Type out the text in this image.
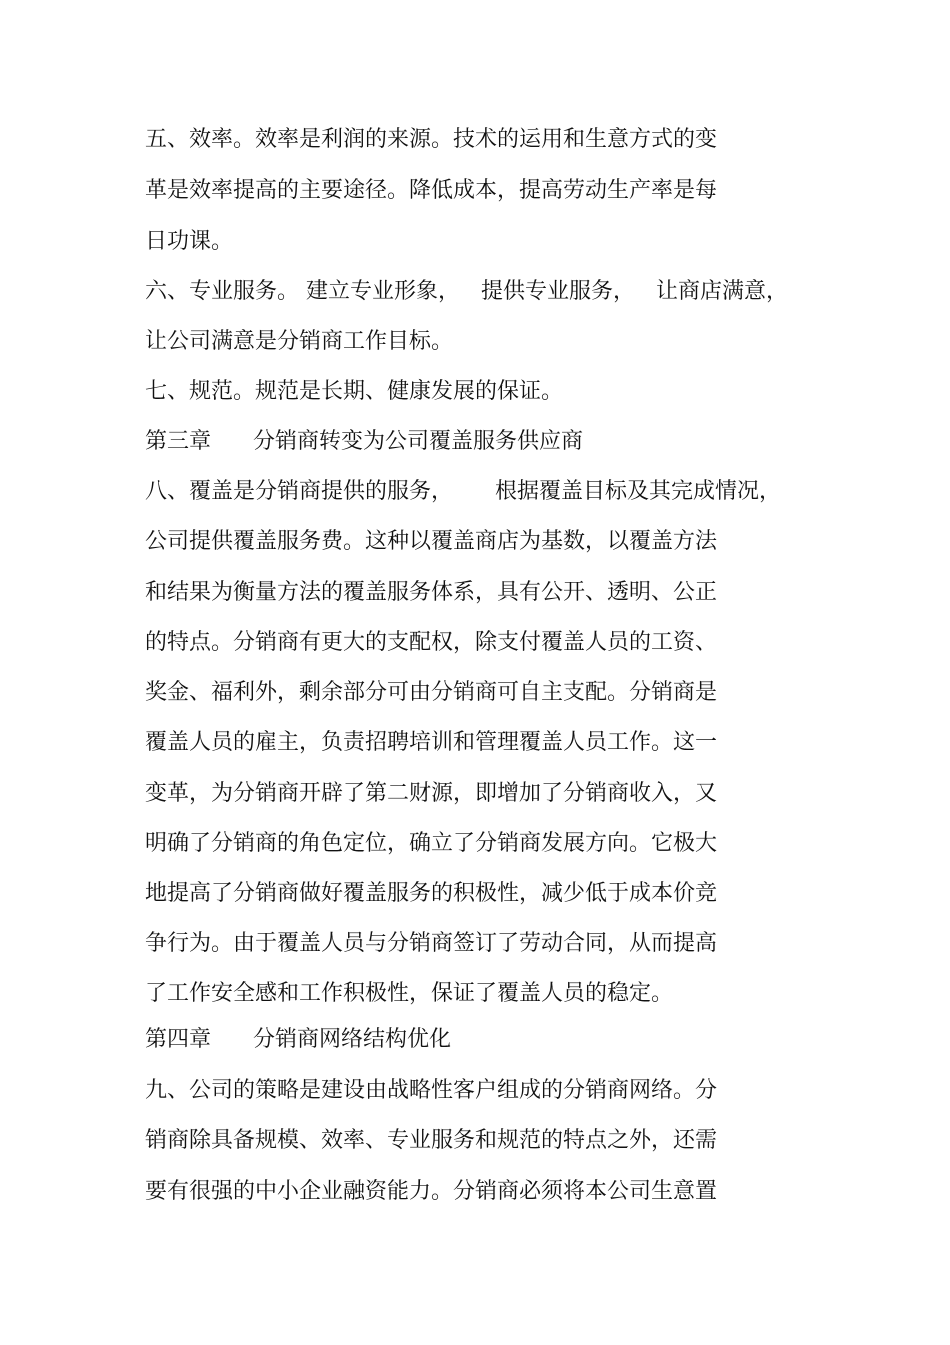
五、效率。效率是利润的来源。技术的运用和生意方式的变
革是效率提高的主要途径。降低成本，提高劳动生产率是每
日功课。
六、专业服务。 建立专业形象，   提供专业服务，   让商店满意，
让公司满意是分销商工作目标。
七、规范。规范是长期、健康发展的保证。
第三章      分销商转变为公司覆盖服务供应商
八、覆盖是分销商提供的服务，      根据覆盖目标及其完成情况，
公司提供覆盖服务费。这种以覆盖商店为基数，以覆盖方法
和结果为衡量方法的覆盖服务体系，具有公开、透明、公正
的特点。分销商有更大的支配权，除支付覆盖人员的工资、
奖金、福利外，剩余部分可由分销商可自主支配。分销商是
覆盖人员的雇主，负责招聘培训和管理覆盖人员工作。这一
变革，为分销商开辟了第二财源，即增加了分销商收入，又
明确了分销商的角色定位，确立了分销商发展方向。它极大
地提高了分销商做好覆盖服务的积极性，减少低于成本价竞
争行为。由于覆盖人员与分销商签订了劳动合同，从而提高
了工作安全感和工作积极性，保证了覆盖人员的稳定。
第四章      分销商网络结构优化
九、公司的策略是建设由战略性客户组成的分销商网络。分
销商除具备规模、效率、专业服务和规范的特点之外，还需
要有很强的中小企业融资能力。分销商必须将本公司生意置
